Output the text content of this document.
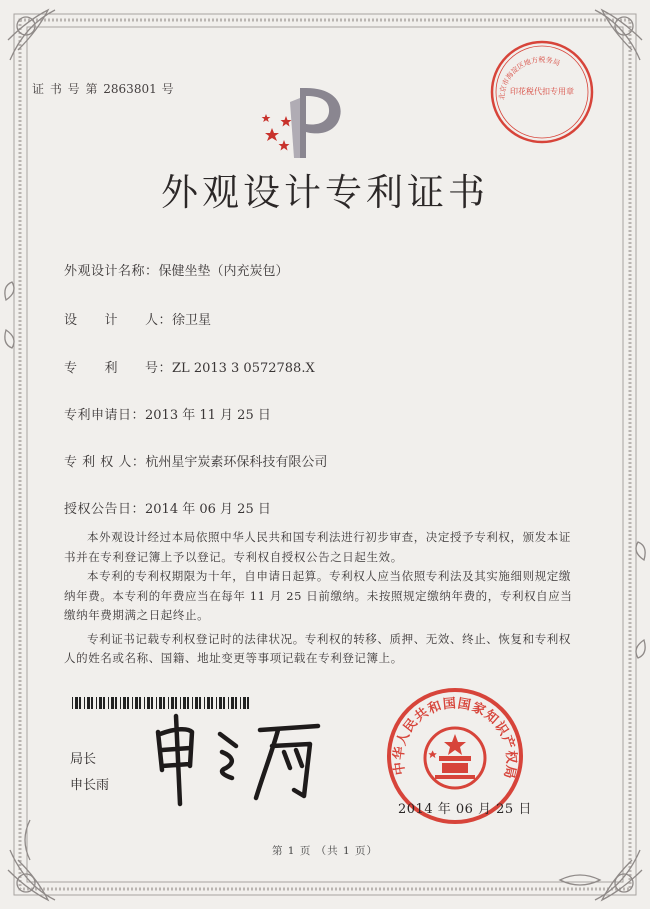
证 书 号 第 2863801 号
北京市海淀区地方税务局
印花税代扣专用章
外观设计专利证书
外观设计名称：保健坐垫（内充炭包）
设　　计　　人：徐卫星
专　　利　　号：ZL 2013 3 0572788.X
专利申请日：2013 年 11 月 25 日
专 利 权 人：杭州星宇炭素环保科技有限公司
授权公告日：2014 年 06 月 25 日

本外观设计经过本局依照中华人民共和国专利法进行初步审查，决定授予专利权，颁发本证书并在专利登记簿上予以登记。专利权自授权公告之日起生效。

本专利的专利权期限为十年，自申请日起算。专利权人应当依照专利法及其实施细则规定缴纳年费。本专利的年费应当在每年 11 月 25 日前缴纳。未按照规定缴纳年费的，专利权自应当缴纳年费期满之日起终止。

专利证书记载专利权登记时的法律状况。专利权的转移、质押、无效、终止、恢复和专利权人的姓名或名称、国籍、地址变更等事项记载在专利登记簿上。

局长
申长雨
中华人民共和国国家知识产权局
2014 年 06 月 25 日
第 1 页 （共 1 页）
